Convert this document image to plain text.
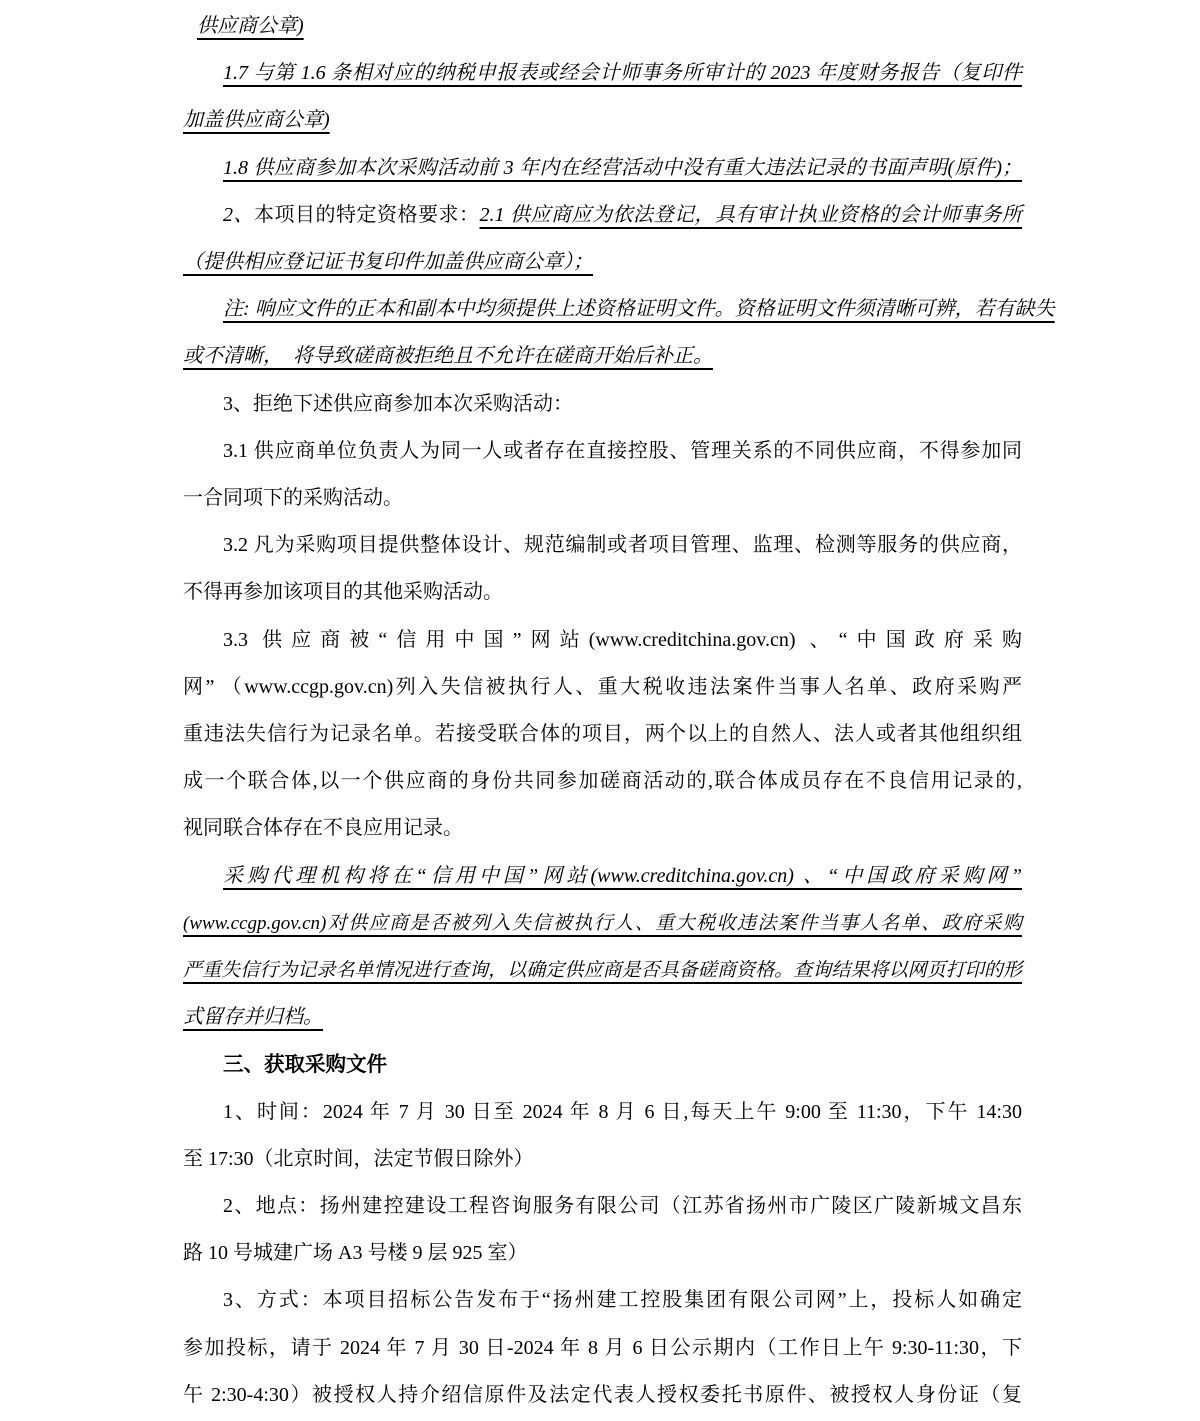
供应商公章)
1.7 与第 1.6 条相对应的纳税申报表或经会计师事务所审计的 2023 年度财务报告（复印件
加盖供应商公章)
1.8 供应商参加本次采购活动前 3 年内在经营活动中没有重大违法记录的书面声明(原件)；
2、本项目的特定资格要求：2.1 供应商应为依法登记，具有审计执业资格的会计师事务所
（提供相应登记证书复印件加盖供应商公章）；
注: 响应文件的正本和副本中均须提供上述资格证明文件。资格证明文件须清晰可辨，若有缺失
或不清晰，　将导致磋商被拒绝且不允许在磋商开始后补正。
3、拒绝下述供应商参加本次采购活动：
3.1 供应商单位负责人为同一人或者存在直接控股、管理关系的不同供应商，不得参加同
一合同项下的采购活动。
3.2 凡为采购项目提供整体设计、规范编制或者项目管理、监理、检测等服务的供应商，
不得再参加该项目的其他采购活动。
3.3 供应商被“信用中国”网站(www.creditchina.gov.cn) 、“中国政府采购
网” （www.ccgp.gov.cn)列入失信被执行人、重大税收违法案件当事人名单、政府采购严
重违法失信行为记录名单。若接受联合体的项目，两个以上的自然人、法人或者其他组织组
成一个联合体,以一个供应商的身份共同参加磋商活动的,联合体成员存在不良信用记录的,
视同联合体存在不良应用记录。
采购代理机构将在“信用中国”网站(www.creditchina.gov.cn) 、“中国政府采购网”
(www.ccgp.gov.cn)对供应商是否被列入失信被执行人、重大税收违法案件当事人名单、政府采购
严重失信行为记录名单情况进行查询，以确定供应商是否具备磋商资格。查询结果将以网页打印的形
式留存并归档。
三、获取采购文件
1、时间：2024 年 7 月 30 日至 2024 年 8 月 6 日,每天上午 9:00 至 11:30，下午 14:30
至 17:30（北京时间，法定节假日除外）
2、地点：扬州建控建设工程咨询服务有限公司（江苏省扬州市广陵区广陵新城文昌东
路 10 号城建广场 A3 号楼 9 层 925 室）
3、方式：本项目招标公告发布于“扬州建工控股集团有限公司网”上，投标人如确定
参加投标，请于 2024 年 7 月 30 日-2024 年 8 月 6 日公示期内（工作日上午 9:30-11:30，下
午 2:30-4:30）被授权人持介绍信原件及法定代表人授权委托书原件、被授权人身份证（复
